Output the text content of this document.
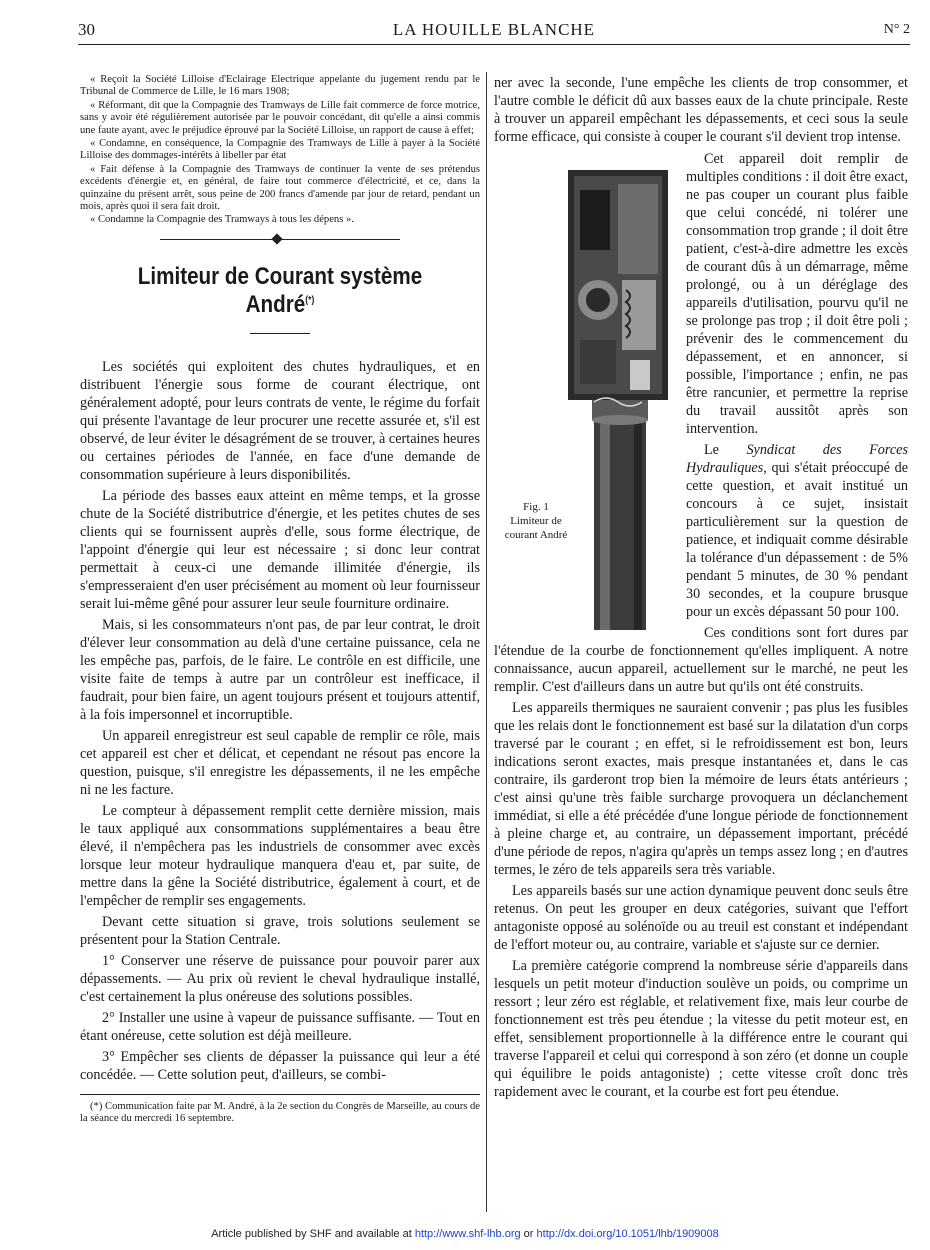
30	LA HOUILLE BLANCHE	N° 2

« Reçoit la Société Lilloise d'Eclairage Electrique appelante du jugement rendu par le Tribunal de Commerce de Lille, le 16 mars 1908;

« Réformant, dit que la Compagnie des Tramways de Lille fait commerce de force motrice, sans y avoir été régulièrement autorisée par le pouvoir concédant, dit qu'elle a ainsi commis une faute ayant, avec le préjudice éprouvé par la Société Lilloise, un rapport de cause à effet;

« Condamne, en conséquence, la Compagnie des Tramways de Lille à payer à la Société Lilloise des dommages-intérêts à libeller par état

« Fait défense à la Compagnie des Tramways de continuer la vente de ses prétendus excédents d'énergie et, en général, de faire tout commerce d'électricité, et ce, dans la quinzaine du présent arrêt, sous peine de 200 francs d'amende par jour de retard, pendant un mois, après quoi il sera fait droit.

« Condamne la Compagnie des Tramways à tous les dépens ».

Limiteur de Courant système André(*)

Les sociétés qui exploitent des chutes hydrauliques, et en distribuent l'énergie sous forme de courant électrique, ont généralement adopté, pour leurs contrats de vente, le régime du forfait qui présente l'avantage de leur procurer une recette assurée et, s'il est observé, de leur éviter le désagrément de se trouver, à certaines heures ou certaines périodes de l'année, en face d'une demande de consommation supérieure à leurs disponibilités.

La période des basses eaux atteint en même temps, et la grosse chute de la Société distributrice d'énergie, et les petites chutes de ses clients qui se fournissent auprès d'elle, sous forme électrique, de l'appoint d'énergie qui leur est nécessaire ; si donc leur contrat permettait à ceux-ci une demande illimitée d'énergie, ils s'empresseraient d'en user précisément au moment où leur fournisseur serait lui-même gêné pour assurer leur seule fourniture ordinaire.

Mais, si les consommateurs n'ont pas, de par leur contrat, le droit d'élever leur consommation au delà d'une certaine puissance, cela ne les empêche pas, parfois, de le faire. Le contrôle en est difficile, une visite faite de temps à autre par un contrôleur est inefficace, il faudrait, pour bien faire, un agent toujours présent et toujours attentif, à la fois impersonnel et incorruptible.

Un appareil enregistreur est seul capable de remplir ce rôle, mais cet appareil est cher et délicat, et cependant ne résout pas encore la question, puisque, s'il enregistre les dépassements, il ne les empêche ni ne les facture.

Le compteur à dépassement remplit cette dernière mission, mais le taux appliqué aux consommations supplémentaires a beau être élevé, il n'empêchera pas les industriels de consommer avec excès lorsque leur moteur hydraulique manquera d'eau et, par suite, de mettre dans la gêne la Société distributrice, également à court, et de l'empêcher de remplir ses engagements.

Devant cette situation si grave, trois solutions seulement se présentent pour la Station Centrale.

1° Conserver une réserve de puissance pour pouvoir parer aux dépassements. — Au prix où revient le cheval hydraulique installé, c'est certainement la plus onéreuse des solutions possibles.

2° Installer une usine à vapeur de puissance suffisante. — Tout en étant onéreuse, cette solution est déjà meilleure.

3° Empêcher ses clients de dépasser la puissance qui leur a été concédée. — Cette solution peut, d'ailleurs, se combi-

(*) Communication faite par M. André, à la 2e section du Congrès de Marseille, au cours de la séance du mercredi 16 septembre.

ner avec la seconde, l'une empêche les clients de trop consommer, et l'autre comble le déficit dû aux basses eaux de la chute principale. Reste à trouver un appareil empêchant les dépassements, et ceci sous la seule forme efficace, qui consiste à couper le courant s'il devient trop intense.

Fig. 1
Limiteur de courant André

Cet appareil doit remplir de multiples conditions : il doit être exact, ne pas couper un courant plus faible que celui concédé, ni tolérer une consommation trop grande ; il doit être patient, c'est-à-dire admettre les excès de courant dûs à un démarrage, même prolongé, ou à un déréglage des appareils d'utilisation, pourvu qu'il ne se prolonge pas trop ; il doit être poli ; prévenir des le commencement du dépassement, et en annoncer, si possible, l'importance ; enfin, ne pas être rancunier, et permettre la reprise du travail aussitôt après son intervention.

Le Syndicat des Forces Hydrauliques, qui s'était préoccupé de cette question, et avait institué un concours à ce sujet, insistait particulièrement sur la question de patience, et indiquait comme désirable la tolérance d'un dépassement : de 5% pendant 5 minutes, de 30 % pendant 30 secondes, et la coupure brusque pour un excès dépassant 50 pour 100.

Ces conditions sont fort dures par l'étendue de la courbe de fonctionnement qu'elles impliquent. A notre connaissance, aucun appareil, actuellement sur le marché, ne peut les remplir. C'est d'ailleurs dans un autre but qu'ils ont été construits.

Les appareils thermiques ne sauraient convenir ; pas plus les fusibles que les relais dont le fonctionnement est basé sur la dilatation d'un corps traversé par le courant ; en effet, si le refroidissement est bon, leurs indications seront exactes, mais presque instantanées et, dans le cas contraire, ils garderont trop bien la mémoire de leurs états antérieurs ; c'est ainsi qu'une très faible surcharge provoquera un déclanchement immédiat, si elle a été précédée d'une longue période de fonctionnement à pleine charge et, au contraire, un dépassement important, précédé d'une période de repos, n'agira qu'après un temps assez long ; en d'autres termes, le zéro de tels appareils sera très variable.

Les appareils basés sur une action dynamique peuvent donc seuls être retenus. On peut les grouper en deux catégories, suivant que l'effort antagoniste opposé au solénoïde ou au treuil est constant et indépendant de l'effort moteur ou, au contraire, variable et s'ajuste sur ce dernier.

La première catégorie comprend la nombreuse série d'appareils dans lesquels un petit moteur d'induction soulève un poids, ou comprime un ressort ; leur zéro est réglable, et relativement fixe, mais leur courbe de fonctionnement est très peu étendue ; la vitesse du petit moteur est, en effet, sensiblement proportionnelle à la différence entre le courant qui traverse l'appareil et celui qui correspond à son zéro (et donne un couple qui équilibre le poids antagoniste) ; cette vitesse croît donc très rapidement avec le courant, et la courbe est fort peu étendue.

Article published by SHF and available at http://www.shf-lhb.org or http://dx.doi.org/10.1051/lhb/1909008
